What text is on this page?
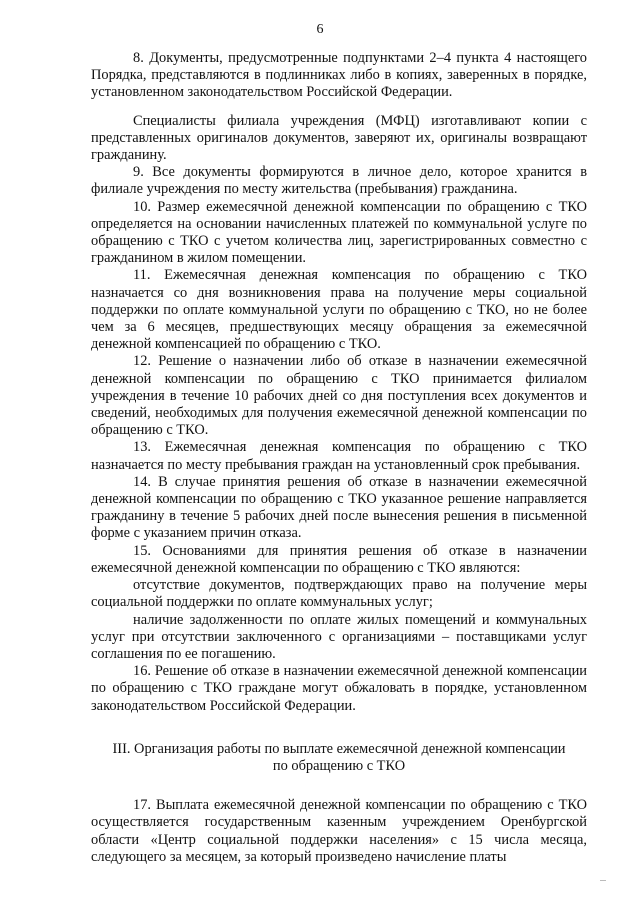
6

8. Документы, предусмотренные подпунктами 2–4 пункта 4 настоящего Порядка, представляются в подлинниках либо в копиях, заверенных в порядке, установленном законодательством Российской Федерации.

Специалисты филиала учреждения (МФЦ) изготавливают копии с представленных оригиналов документов, заверяют их, оригиналы возвращают гражданину.

9. Все документы формируются в личное дело, которое хранится в филиале учреждения по месту жительства (пребывания) гражданина.

10. Размер ежемесячной денежной компенсации по обращению с ТКО определяется на основании начисленных платежей по коммунальной услуге по обращению с ТКО с учетом количества лиц, зарегистрированных совместно с гражданином в жилом помещении.

11. Ежемесячная денежная компенсация по обращению с ТКО назначается со дня возникновения права на получение меры социальной поддержки по оплате коммунальной услуги по обращению с ТКО, но не более чем за 6 месяцев, предшествующих месяцу обращения за ежемесячной денежной компенсацией по обращению с ТКО.

12. Решение о назначении либо об отказе в назначении ежемесячной денежной компенсации по обращению с ТКО принимается филиалом учреждения в течение 10 рабочих дней со дня поступления всех документов и сведений, необходимых для получения ежемесячной денежной компенсации по обращению с ТКО.

13. Ежемесячная денежная компенсация по обращению с ТКО назначается по месту пребывания граждан на установленный срок пребывания.

14. В случае принятия решения об отказе в назначении ежемесячной денежной компенсации по обращению с ТКО указанное решение направляется гражданину в течение 5 рабочих дней после вынесения решения в письменной форме с указанием причин отказа.

15. Основаниями для принятия решения об отказе в назначении ежемесячной денежной компенсации по обращению с ТКО являются:

отсутствие документов, подтверждающих право на получение меры социальной поддержки по оплате коммунальных услуг;

наличие задолженности по оплате жилых помещений и коммунальных услуг при отсутствии заключенного с организациями – поставщиками услуг соглашения по ее погашению.

16. Решение об отказе в назначении ежемесячной денежной компенсации по обращению с ТКО граждане могут обжаловать в порядке, установленном законодательством Российской Федерации.

III. Организация работы по выплате ежемесячной денежной компенсации
по обращению с ТКО

17. Выплата ежемесячной денежной компенсации по обращению с ТКО осуществляется государственным казенным учреждением Оренбургской области «Центр социальной поддержки населения» с 15 числа месяца, следующего за месяцем, за который произведено начисление платы
